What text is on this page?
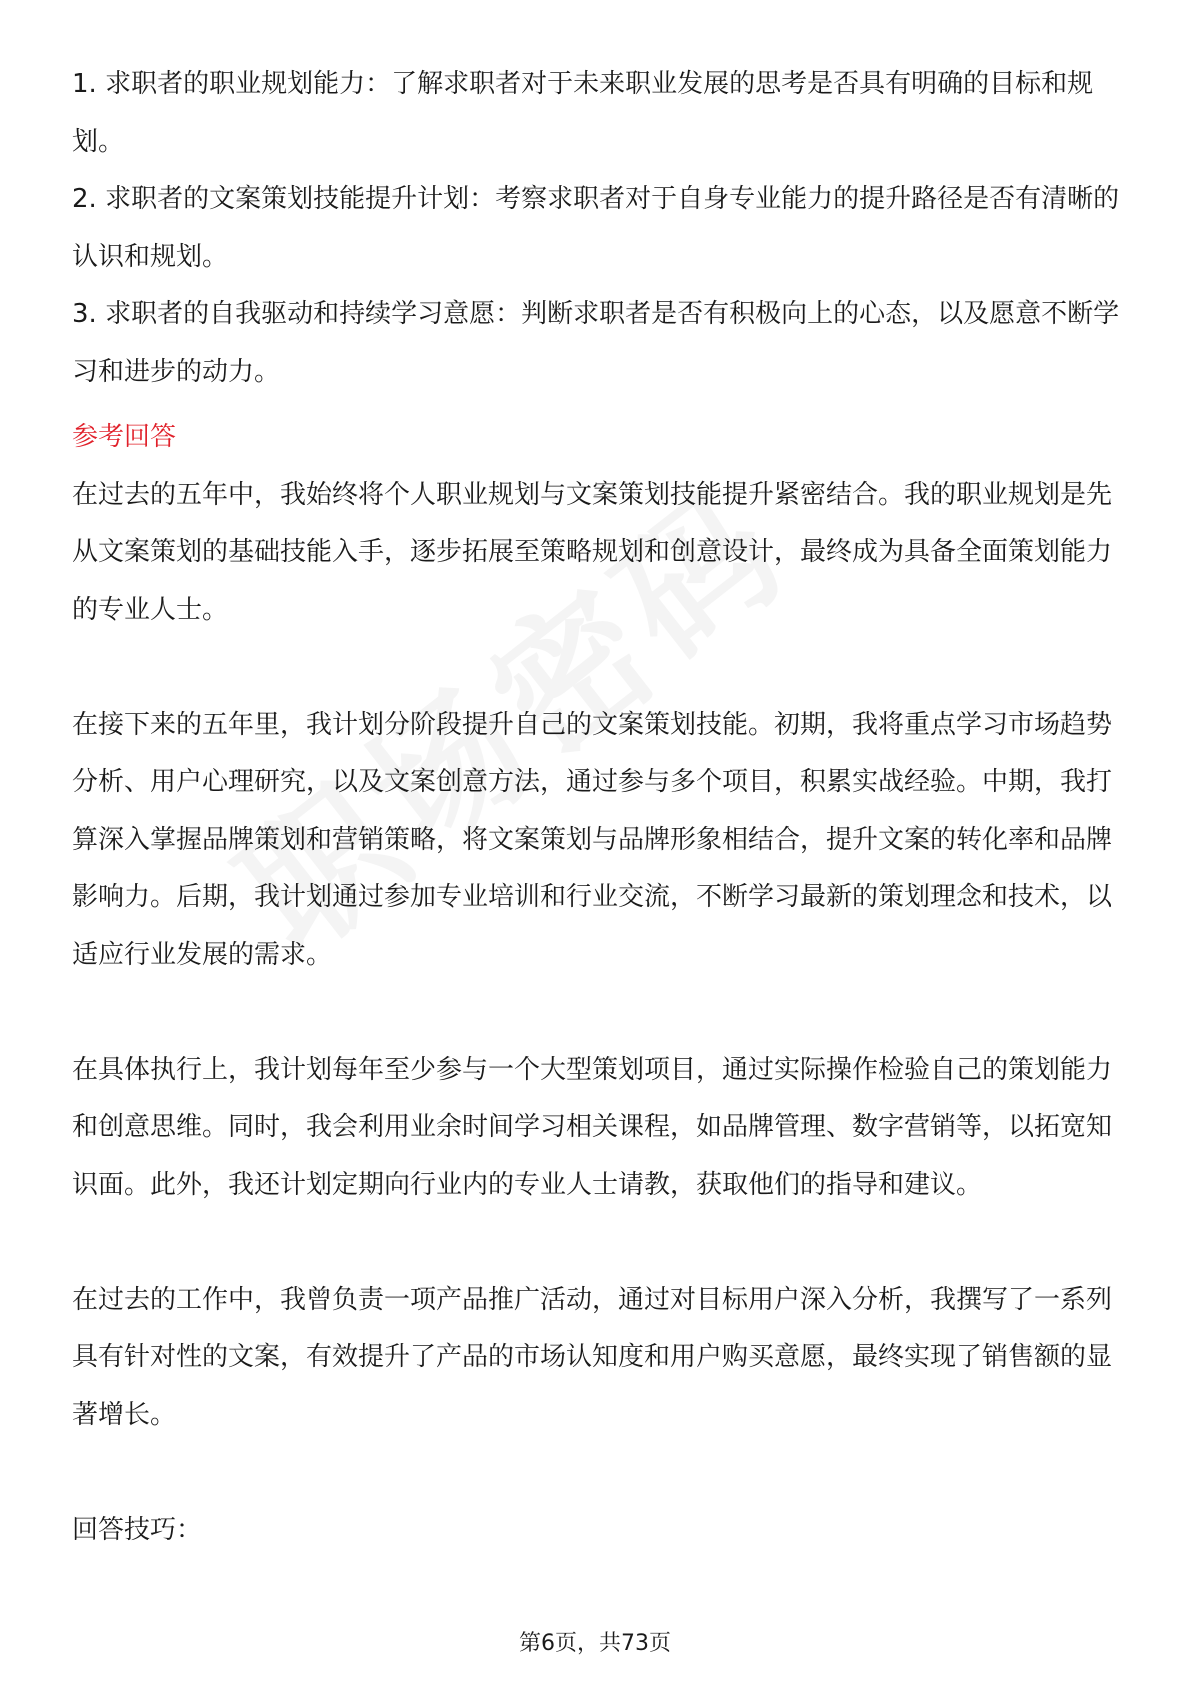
1. 求职者的职业规划能力：了解求职者对于未来职业发展的思考是否具有明确的目标和规划。

2. 求职者的文案策划技能提升计划：考察求职者对于自身专业能力的提升路径是否有清晰的认识和规划。

3. 求职者的自我驱动和持续学习意愿：判断求职者是否有积极向上的心态，以及愿意不断学习和进步的动力。

参考回答

在过去的五年中，我始终将个人职业规划与文案策划技能提升紧密结合。我的职业规划是先从文案策划的基础技能入手，逐步拓展至策略规划和创意设计，最终成为具备全面策划能力的专业人士。

在接下来的五年里，我计划分阶段提升自己的文案策划技能。初期，我将重点学习市场趋势分析、用户心理研究，以及文案创意方法，通过参与多个项目，积累实战经验。中期，我打算深入掌握品牌策划和营销策略，将文案策划与品牌形象相结合，提升文案的转化率和品牌影响力。后期，我计划通过参加专业培训和行业交流，不断学习最新的策划理念和技术，以适应行业发展的需求。

在具体执行上，我计划每年至少参与一个大型策划项目，通过实际操作检验自己的策划能力和创意思维。同时，我会利用业余时间学习相关课程，如品牌管理、数字营销等，以拓宽知识面。此外，我还计划定期向行业内的专业人士请教，获取他们的指导和建议。

在过去的工作中，我曾负责一项产品推广活动，通过对目标用户深入分析，我撰写了一系列具有针对性的文案，有效提升了产品的市场认知度和用户购买意愿，最终实现了销售额的显著增长。

回答技巧：

第6页，共73页
